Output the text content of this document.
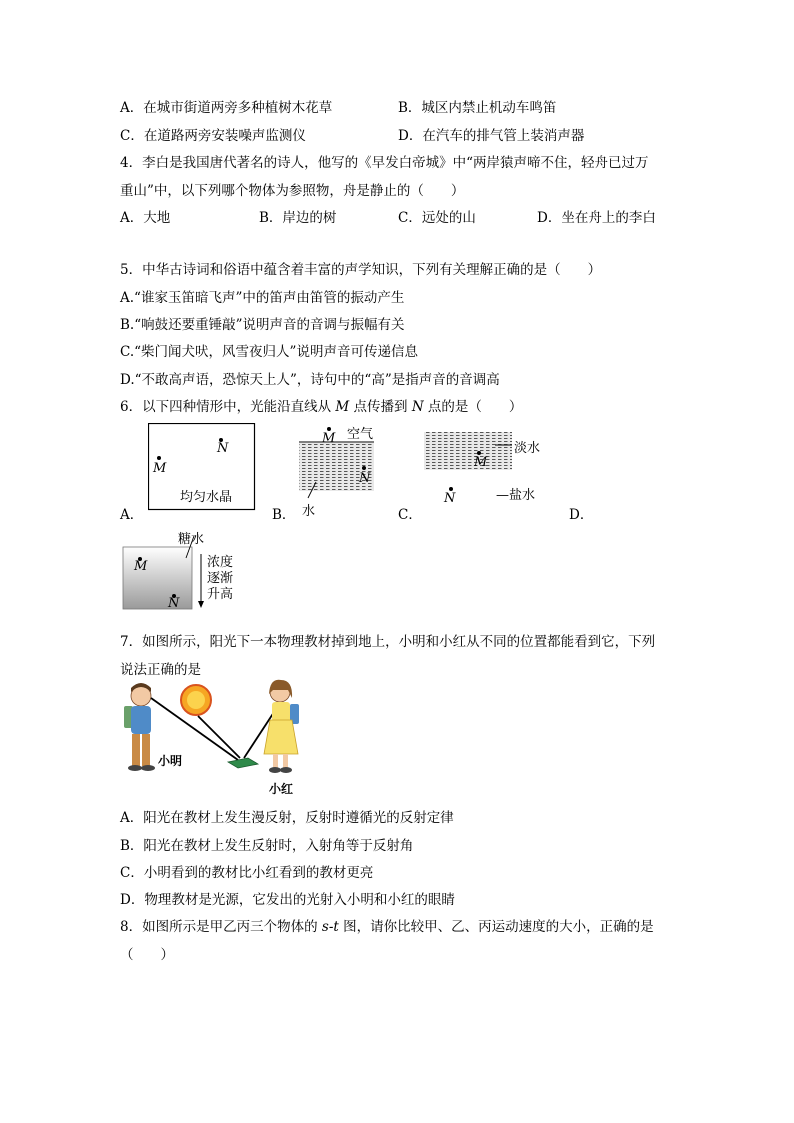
A．在城市街道两旁多种植树木花草	B．城区内禁止机动车鸣笛
C．在道路两旁安装噪声监测仪	D．在汽车的排气管上装消声器
4．李白是我国唐代著名的诗人，他写的《早发白帝城》中“两岸猿声啼不住，轻舟已过万
重山”中，以下列哪个物体为参照物，舟是静止的（　　）
A．大地	B．岸边的树	C．远处的山	D．坐在舟上的李白
5．中华古诗词和俗语中蕴含着丰富的声学知识，下列有关理解正确的是（　　）
A.“谁家玉笛暗飞声”中的笛声由笛管的振动产生
B.“响鼓还要重锤敲”说明声音的音调与振幅有关
C.“柴门闻犬吠，风雪夜归人”说明声音可传递信息
D.“不敢高声语，恐惊天上人”，诗句中的“高”是指声音的音调高
6．以下四种情形中，光能沿直线从 M 点传播到 N 点的是（　　）
N
M
均匀水晶
A．
M 空气
N
水
B．
淡水
M
N	—盐水
C．	D．
糖水
M
N
浓度
逐渐
升高
7．如图所示，阳光下一本物理教材掉到地上，小明和小红从不同的位置都能看到它，下列
说法正确的是
小明
小红
A．阳光在教材上发生漫反射，反射时遵循光的反射定律
B．阳光在教材上发生反射时，入射角等于反射角
C．小明看到的教材比小红看到的教材更亮
D．物理教材是光源，它发出的光射入小明和小红的眼睛
8．如图所示是甲乙丙三个物体的 s-t 图，请你比较甲、乙、丙运动速度的大小，正确的是
（　　）
